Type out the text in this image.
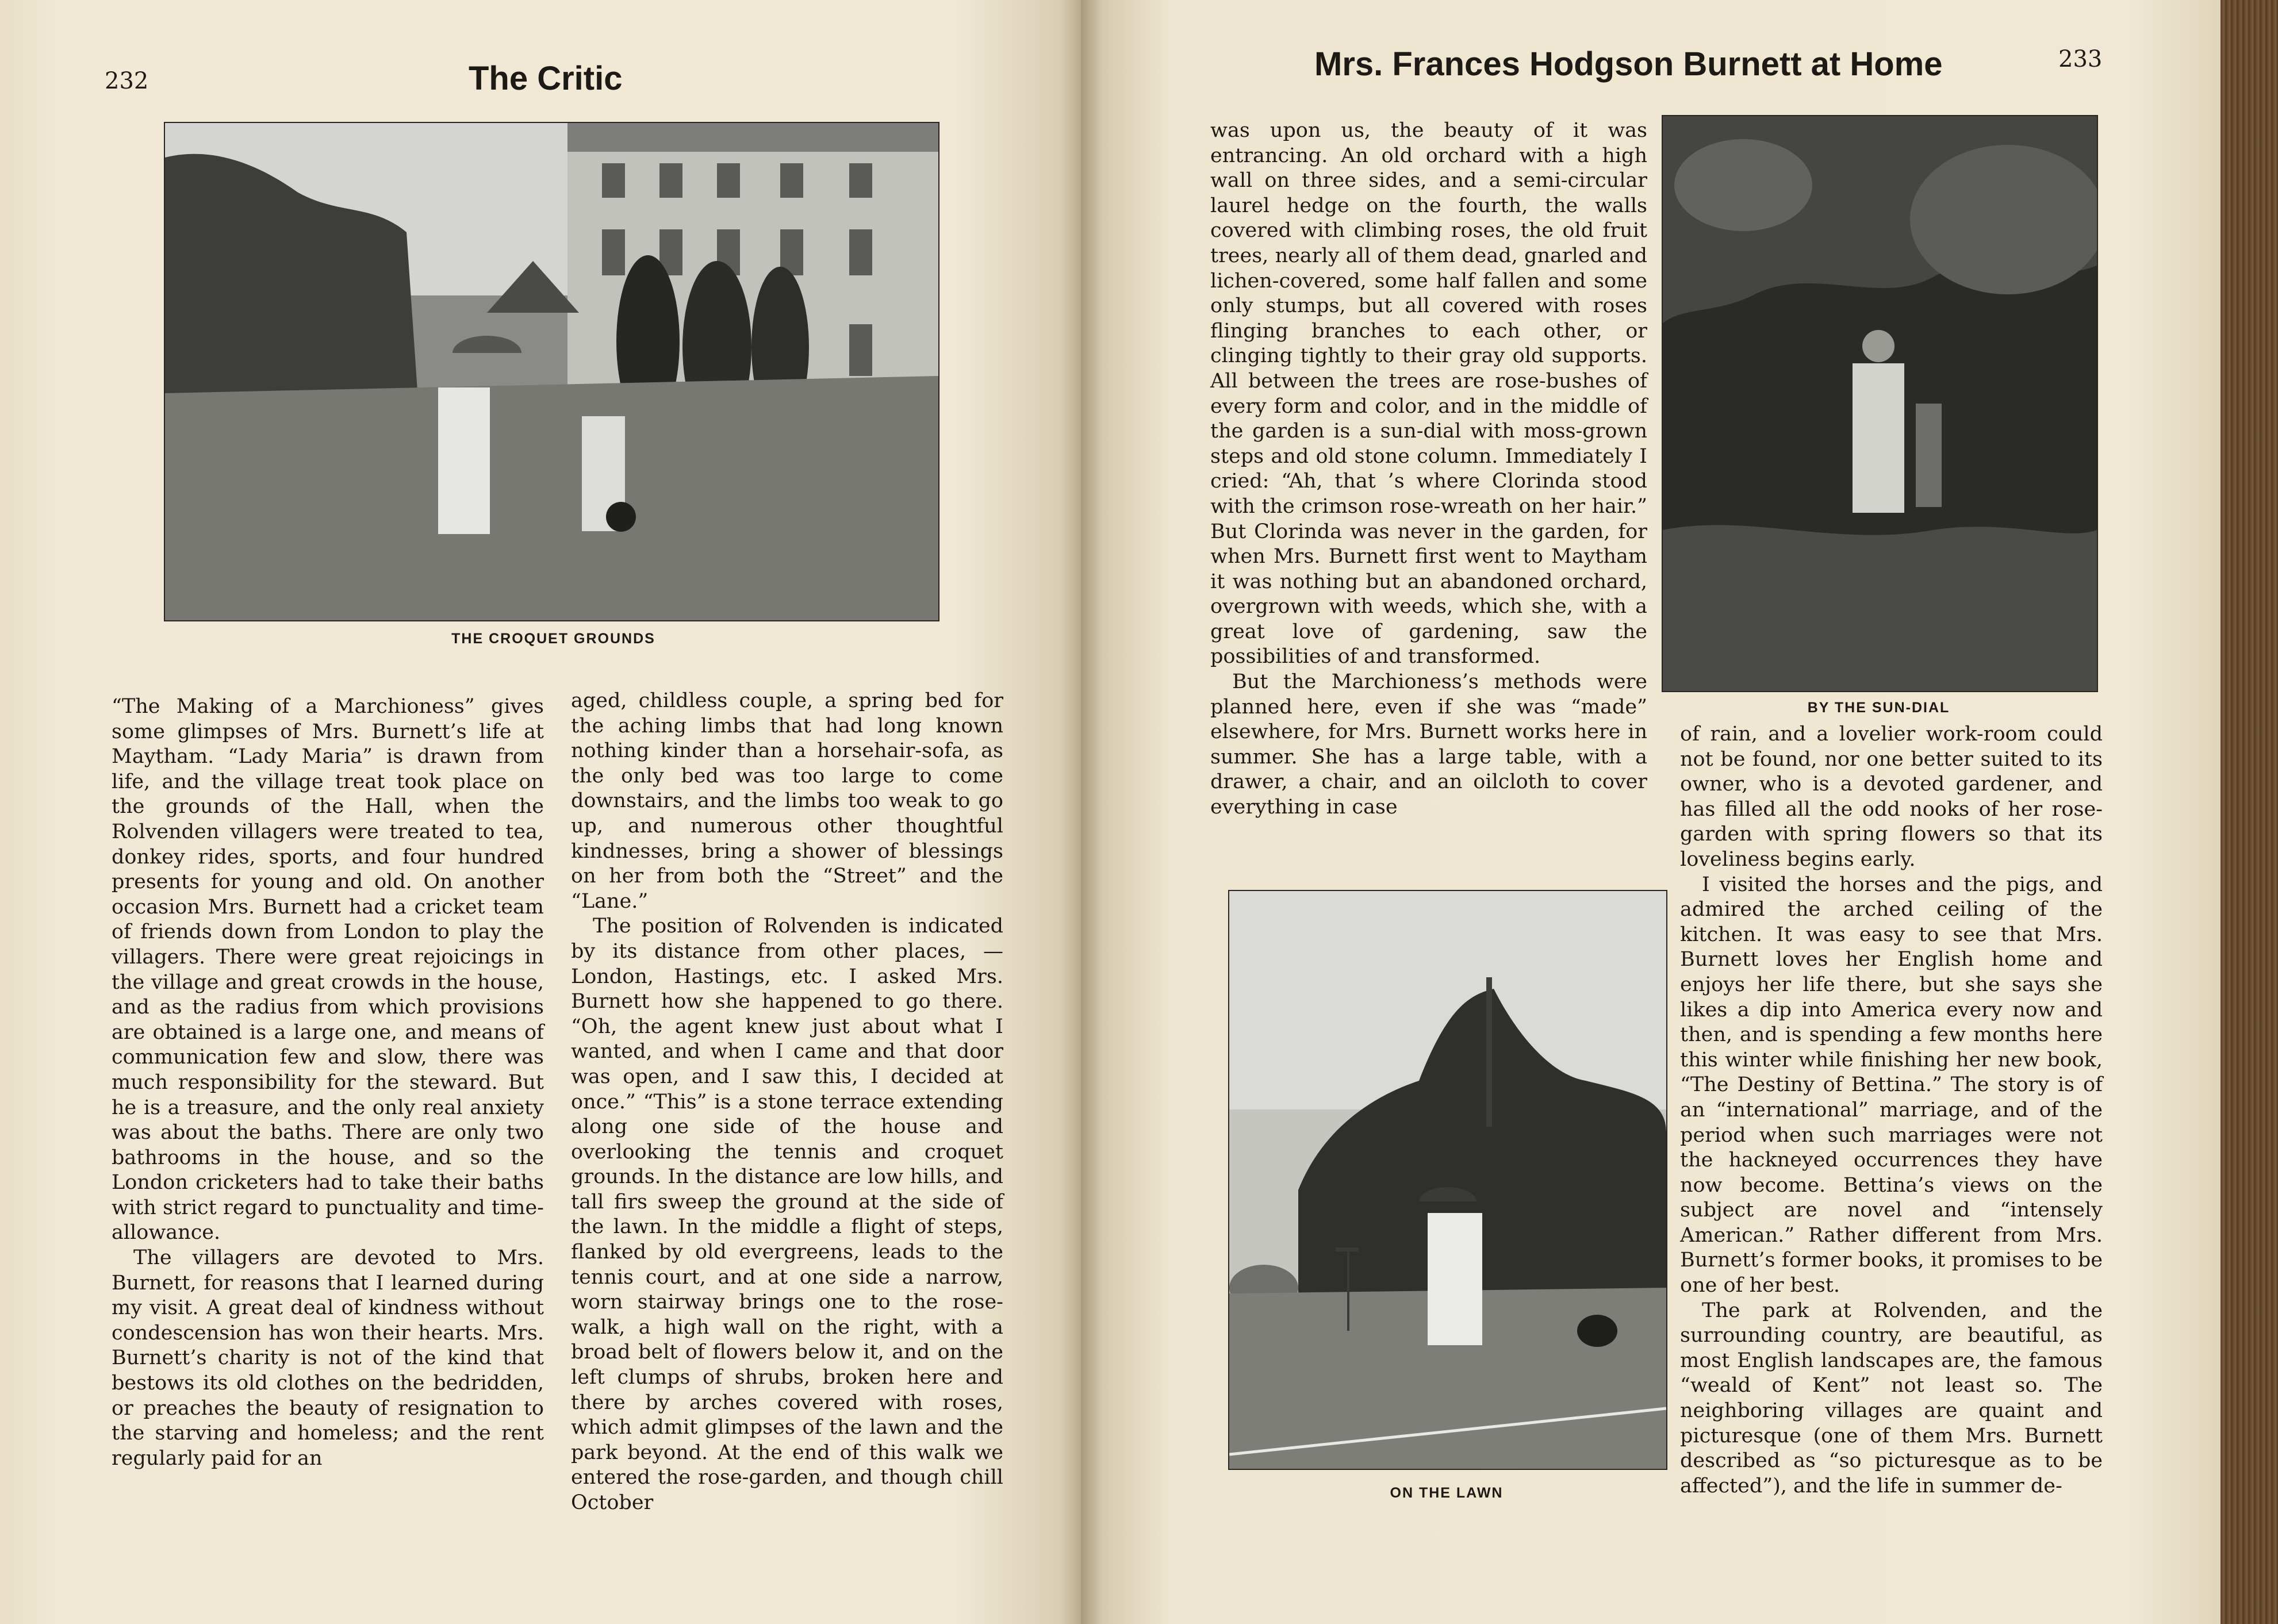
232	The Critic
THE CROQUET GROUNDS

“The Making of a Marchioness” gives some glimpses of Mrs. Burnett’s life at Maytham. “Lady Maria” is drawn from life, and the village treat took place on the grounds of the Hall, when the Rolvenden villagers were treated to tea, donkey rides, sports, and four hundred presents for young and old. On another occasion Mrs. Burnett had a cricket team of friends down from London to play the villagers. There were great rejoicings in the village and great crowds in the house, and as the radius from which provisions are obtained is a large one, and means of communication few and slow, there was much responsibility for the steward. But he is a treasure, and the only real anxiety was about the baths. There are only two bathrooms in the house, and so the London cricketers had to take their baths with strict regard to punctuality and time-allowance.

The villagers are devoted to Mrs. Burnett, for reasons that I learned during my visit. A great deal of kindness without condescension has won their hearts. Mrs. Burnett’s charity is not of the kind that bestows its old clothes on the bedridden, or preaches the beauty of resignation to the starving and homeless; and the rent regularly paid for an

aged, childless couple, a spring bed for the aching limbs that had long known nothing kinder than a horsehair-sofa, as the only bed was too large to come downstairs, and the limbs too weak to go up, and numerous other thoughtful kindnesses, bring a shower of blessings on her from both the “Street” and the “Lane.”

The position of Rolvenden is indicated by its distance from other places, — London, Hastings, etc. I asked Mrs. Burnett how she happened to go there. “Oh, the agent knew just about what I wanted, and when I came and that door was open, and I saw this, I decided at once.” “This” is a stone terrace extending along one side of the house and overlooking the tennis and croquet grounds. In the distance are low hills, and tall firs sweep the ground at the side of the lawn. In the middle a flight of steps, flanked by old evergreens, leads to the tennis court, and at one side a narrow, worn stairway brings one to the rose-walk, a high wall on the right, with a broad belt of flowers below it, and on the left clumps of shrubs, broken here and there by arches covered with roses, which admit glimpses of the lawn and the park beyond. At the end of this walk we entered the rose-garden, and though chill October

Mrs. Frances Hodgson Burnett at Home	233

was upon us, the beauty of it was entrancing. An old orchard with a high wall on three sides, and a semi-circular laurel hedge on the fourth, the walls covered with climbing roses, the old fruit trees, nearly all of them dead, gnarled and lichen-covered, some half fallen and some only stumps, but all covered with roses flinging branches to each other, or clinging tightly to their gray old supports. All between the trees are rose-bushes of every form and color, and in the middle of the garden is a sun-dial with moss-grown steps and old stone column. Immediately I cried: “Ah, that ’s where Clorinda stood with the crimson rose-wreath on her hair.” But Clorinda was never in the garden, for when Mrs. Burnett first went to Maytham it was nothing but an abandoned orchard, overgrown with weeds, which she, with a great love of gardening, saw the possibilities of and transformed.

But the Marchioness’s methods were planned here, even if she was “made” elsewhere, for Mrs. Burnett works here in summer. She has a large table, with a drawer, a chair, and an oilcloth to cover everything in case

BY THE SUN-DIAL

of rain, and a lovelier work-room could not be found, nor one better suited to its owner, who is a devoted gardener, and has filled all the odd nooks of her rose-garden with spring flowers so that its loveliness begins early.

I visited the horses and the pigs, and admired the arched ceiling of the kitchen. It was easy to see that Mrs. Burnett loves her English home and enjoys her life there, but she says she likes a dip into America every now and then, and is spending a few months here this winter while finishing her new book, “The Destiny of Bettina.” The story is of an “international” marriage, and of the period when such marriages were not the hackneyed occurrences they have now become. Bettina’s views on the subject are novel and “intensely American.” Rather different from Mrs. Burnett’s former books, it promises to be one of her best.

The park at Rolvenden, and the surrounding country, are beautiful, as most English landscapes are, the famous “weald of Kent” not least so. The neighboring villages are quaint and picturesque (one of them Mrs. Burnett described as “so picturesque as to be affected”), and the life in summer de-

ON THE LAWN
